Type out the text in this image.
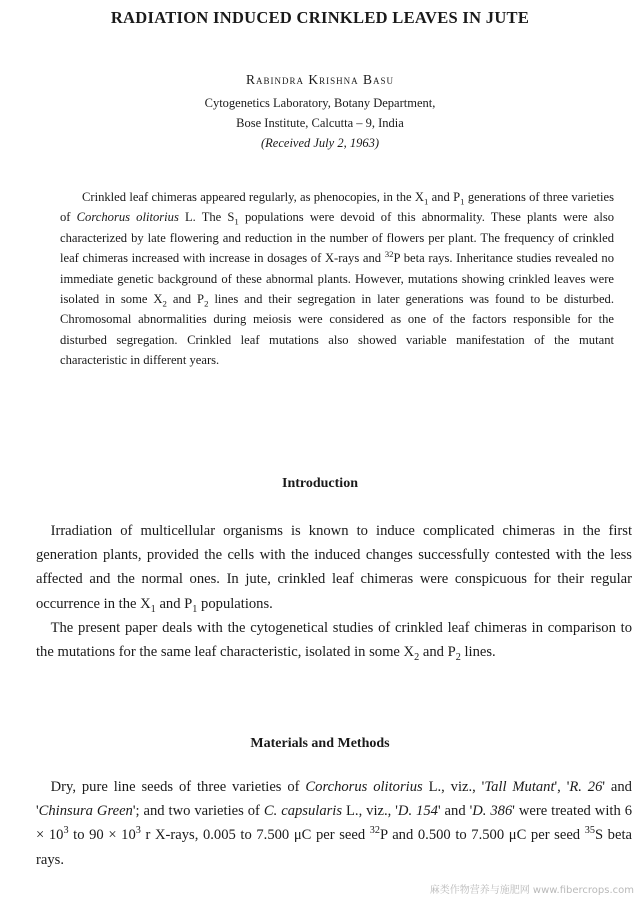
RADIATION INDUCED CRINKLED LEAVES IN JUTE
Rabindra Krishna Basu
Cytogenetics Laboratory, Botany Department,
Bose Institute, Calcutta – 9, India
(Received July 2, 1963)

Crinkled leaf chimeras appeared regularly, as phenocopies, in the $X_1$ and $P_1$ generations of three varieties of Corchorus olitorius L. The $S_1$ populations were devoid of this abnormality. These plants were also characterized by late flowering and reduction in the number of flowers per plant. The frequency of crinkled leaf chimeras increased with increase in dosages of X-rays and $^{32}$P beta rays. Inheritance studies revealed no immediate genetic background of these abnormal plants. However, mutations showing crinkled leaves were isolated in some $X_2$ and $P_2$ lines and their segregation in later generations was found to be disturbed. Chromosomal abnormalities during meiosis were considered as one of the factors responsible for the disturbed segregation. Crinkled leaf mutations also showed variable manifestation of the mutant characteristic in different years.

Introduction

 Irradiation of multicellular organisms is known to induce complicated chimeras in the first generation plants, provided the cells with the induced changes successfully contested with the less affected and the normal ones. In jute, crinkled leaf chimeras were conspicuous for their regular occurrence in the $X_1$ and $P_1$ populations.

 The present paper deals with the cytogenetical studies of crinkled leaf chimeras in comparison to the mutations for the same leaf characteristic, isolated in some $X_2$ and $P_2$ lines.

Materials and Methods

 Dry, pure line seeds of three varieties of Corchorus olitorius L., viz., 'Tall Mutant', 'R. 26' and 'Chinsura Green'; and two varieties of C. capsularis L., viz., 'D. 154' and 'D. 386' were treated with $6 \times 10^3$ to $90 \times 10^3$ r X-rays, 0.005 to 7.500 μC per seed $^{32}$P and 0.500 to 7.500 μC per seed $^{35}$S beta rays.

麻类作物营养与施肥网 www.fibercrops.com
